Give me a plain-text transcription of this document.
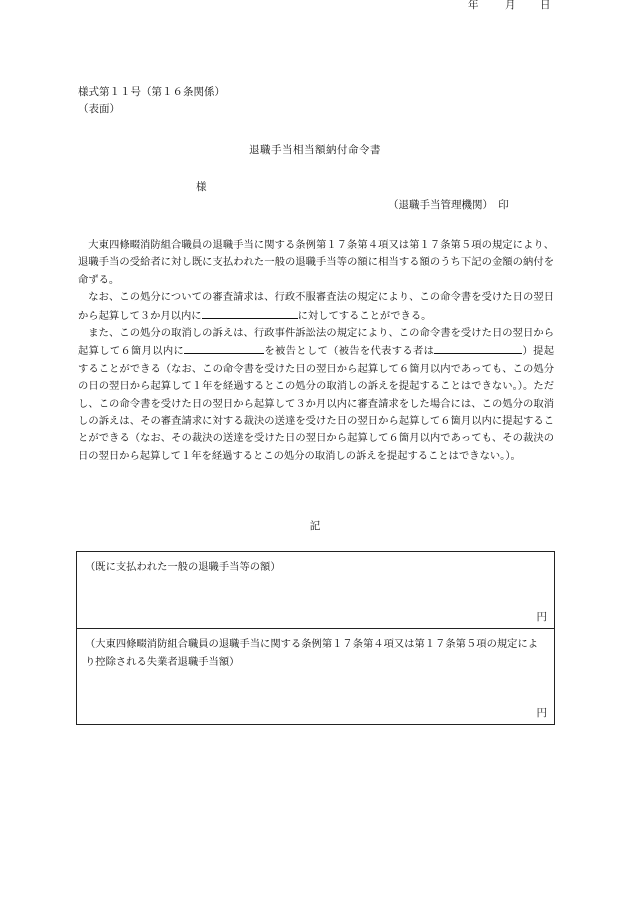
様式第１１号（第１６条関係）
（表面）
退職手当相当額納付命令書
年	月 日
様
（退職手当管理機関）　印

大東四條畷消防組合職員の退職手当に関する条例第１７条第４項又は第１７条第５項の規定により、退職手当の受給者に対し既に支払われた一般の退職手当等の額に相当する額のうち下記の金額の納付を命ずる。

なお、この処分についての審査請求は、行政不服審査法の規定により、この命令書を受けた日の翌日から起算して３か月以内に	に対してすることができる。

また、この処分の取消しの訴えは、行政事件訴訟法の規定により、この命令書を受けた日の翌日から起算して６箇月以内に	を被告として（被告を代表する者は	）提起することができる（なお、この命令書を受けた日の翌日から起算して６箇月以内であっても、この処分の日の翌日から起算して１年を経過するとこの処分の取消しの訴えを提起することはできない。）。ただし、この命令書を受けた日の翌日から起算して３か月以内に審査請求をした場合には、この処分の取消しの訴えは、その審査請求に対する裁決の送達を受けた日の翌日から起算して６箇月以内に提起することができる（なお、その裁決の送達を受けた日の翌日から起算して６箇月以内であっても、その裁決の日の翌日から起算して１年を経過するとこの処分の取消しの訴えを提起することはできない。）。

記
（既に支払われた一般の退職手当等の額）
円
（大東四條畷消防組合職員の退職手当に関する条例第１７条第４項又は第１７条第５項の規定により控除される失業者退職手当額）
円
